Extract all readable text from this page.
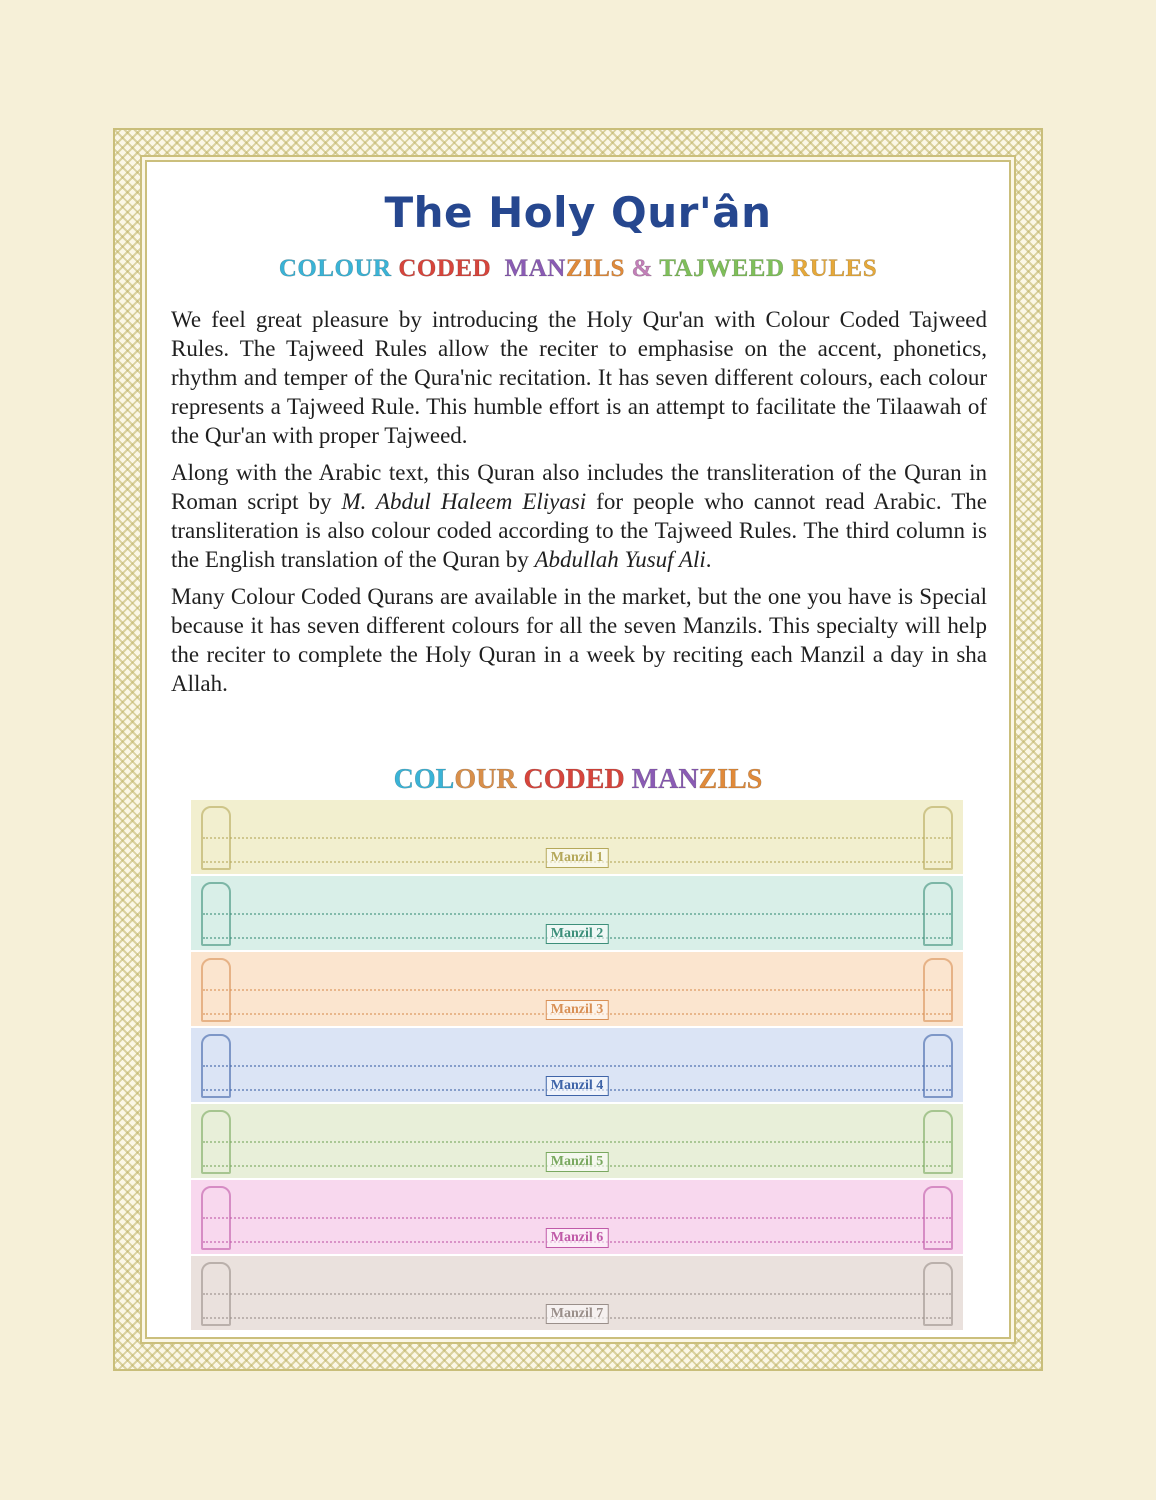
The Holy Qur'ân
COLOUR CODED  MANZILS & TAJWEED RULES

We feel great pleasure by introducing the Holy Qur'an with Colour Coded Tajweed Rules. The Tajweed Rules allow the reciter to emphasise on the accent, phonetics, rhythm and temper of the Qura'nic recitation. It has seven different colours, each colour represents a Tajweed Rule. This humble effort is an attempt to facilitate the Tilaawah of the Qur'an with proper Tajweed.

Along with the Arabic text, this Quran also includes the transliteration of the Quran in Roman script by M. Abdul Haleem Eliyasi for people who cannot read Arabic. The transliteration is also colour coded according to the Tajweed Rules. The third column is the English translation of the Quran by Abdullah Yusuf Ali.

Many Colour Coded Qurans are available in the market, but the one you have is Special because it has seven different colours for all the seven Manzils. This specialty will help the reciter to complete the Holy Quran in a week by reciting each Manzil a day in sha Allah.

COLOUR CODED MANZILS
Manzil 1
Manzil 2
Manzil 3
Manzil 4
Manzil 5
Manzil 6
Manzil 7
